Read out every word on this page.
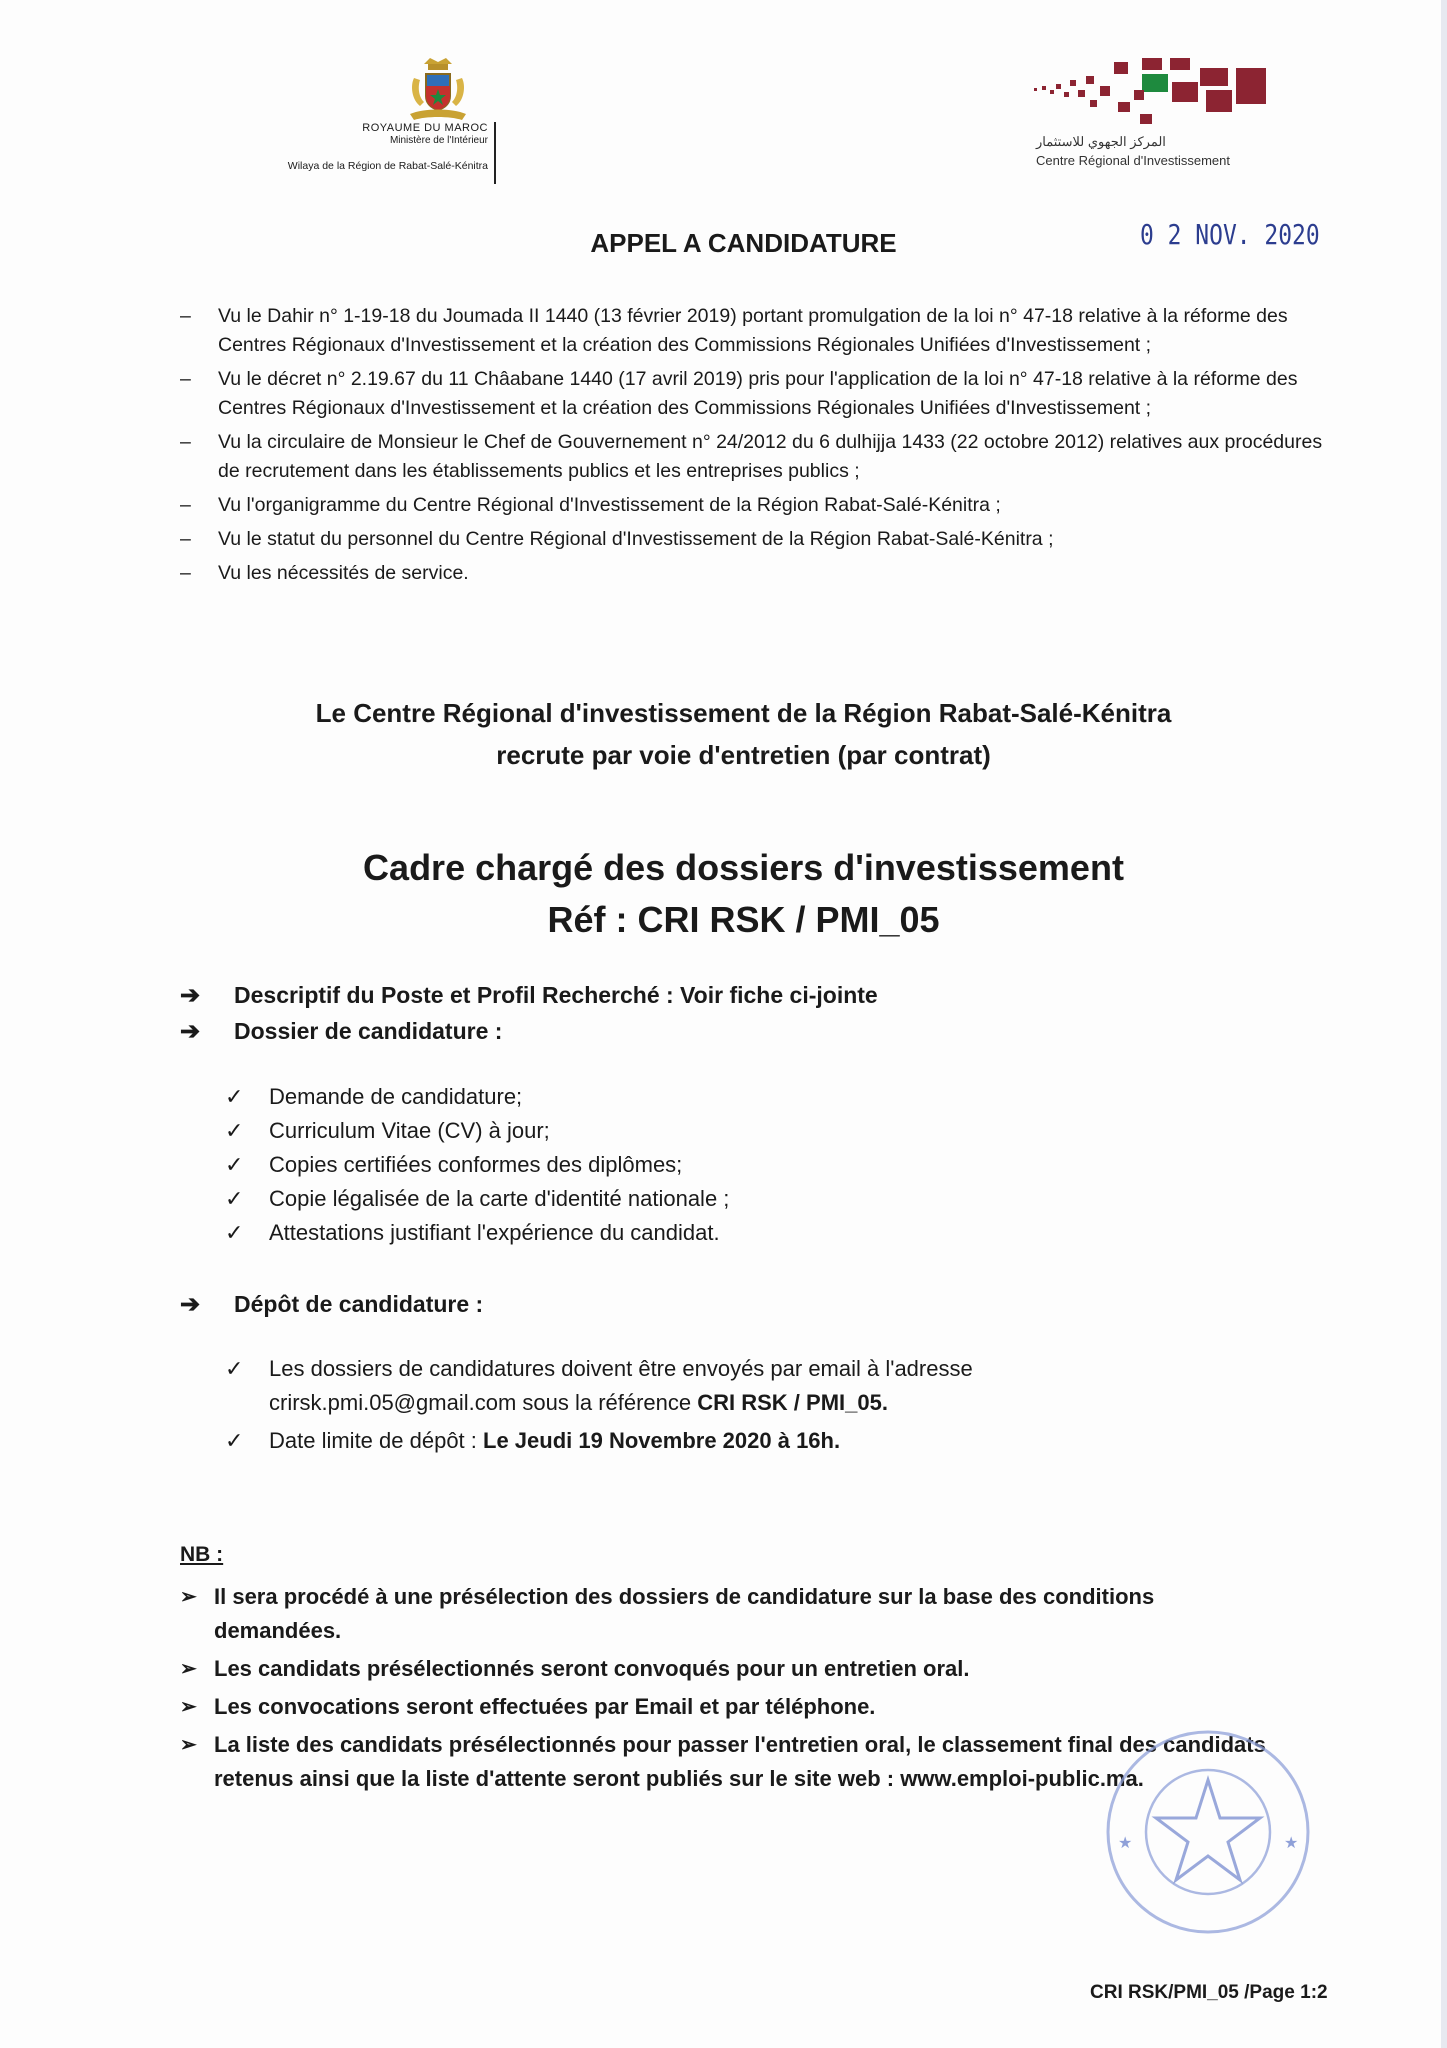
ROYAUME DU MAROC
Ministère de l'Intérieur
Wilaya de la Région de Rabat-Salé-Kénitra
المركز الجهوي للاستثمار
Centre Régional d'Investissement
APPEL A CANDIDATURE	0 2 NOV. 2020
– Vu le Dahir n° 1-19-18 du Joumada II 1440 (13 février 2019) portant promulgation de la loi n° 47-18 relative à la réforme des Centres Régionaux d'Investissement et la création des Commissions Régionales Unifiées d'Investissement ;
– Vu le décret n° 2.19.67 du 11 Châabane 1440 (17 avril 2019) pris pour l'application de la loi n° 47-18 relative à la réforme des Centres Régionaux d'Investissement et la création des Commissions Régionales Unifiées d'Investissement ;
– Vu la circulaire de Monsieur le Chef de Gouvernement n° 24/2012 du 6 dulhijja 1433 (22 octobre 2012) relatives aux procédures de recrutement dans les établissements publics et les entreprises publics ;
– Vu l'organigramme du Centre Régional d'Investissement de la Région Rabat-Salé-Kénitra ;
– Vu le statut du personnel du Centre Régional d'Investissement de la Région Rabat-Salé-Kénitra ;
– Vu les nécessités de service.
Le Centre Régional d'investissement de la Région Rabat-Salé-Kénitra
recrute par voie d'entretien (par contrat)
Cadre chargé des dossiers d'investissement
Réf : CRI RSK / PMI_05
➔ Descriptif du Poste et Profil Recherché : Voir fiche ci-jointe
➔ Dossier de candidature :
✓ Demande de candidature;
✓ Curriculum Vitae (CV) à jour;
✓ Copies certifiées conformes des diplômes;
✓ Copie légalisée de la carte d'identité nationale ;
✓ Attestations justifiant l'expérience du candidat.
➔ Dépôt de candidature :
✓ Les dossiers de candidatures doivent être envoyés par email à l'adresse crirsk.pmi.05@gmail.com sous la référence CRI RSK / PMI_05.
✓ Date limite de dépôt : Le Jeudi 19 Novembre 2020 à 16h.
NB :
➢ Il sera procédé à une présélection des dossiers de candidature sur la base des conditions demandées.
➢ Les candidats présélectionnés seront convoqués pour un entretien oral.
➢ Les convocations seront effectuées par Email et par téléphone.
➢ La liste des candidats présélectionnés pour passer l'entretien oral, le classement final des candidats retenus ainsi que la liste d'attente seront publiés sur le site web : www.emploi-public.ma.
★	★
CRI RSK/PMI_05 /Page 1:2
